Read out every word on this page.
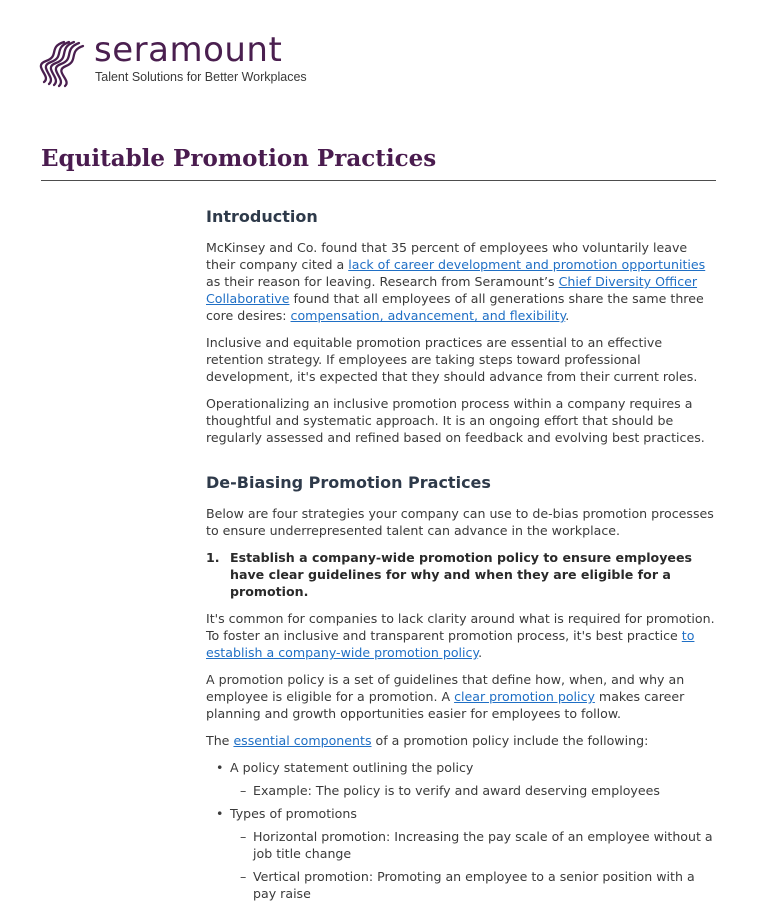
seramount
Talent Solutions for Better Workplaces
Equitable Promotion Practices
Introduction

McKinsey and Co. found that 35 percent of employees who voluntarily leave their company cited a lack of career development and promotion opportunities as their reason for leaving. Research from Seramount’s Chief Diversity Officer Collaborative found that all employees of all generations share the same three core desires: compensation, advancement, and flexibility.

Inclusive and equitable promotion practices are essential to an effective retention strategy. If employees are taking steps toward professional development, it's expected that they should advance from their current roles.

Operationalizing an inclusive promotion process within a company requires a thoughtful and systematic approach. It is an ongoing effort that should be regularly assessed and refined based on feedback and evolving best practices.

De-Biasing Promotion Practices

Below are four strategies your company can use to de-bias promotion processes to ensure underrepresented talent can advance in the workplace.

1. Establish a company-wide promotion policy to ensure employees have clear guidelines for why and when they are eligible for a promotion.

It's common for companies to lack clarity around what is required for promotion. To foster an inclusive and transparent promotion process, it's best practice to establish a company-wide promotion policy.

A promotion policy is a set of guidelines that define how, when, and why an employee is eligible for a promotion. A clear promotion policy makes career planning and growth opportunities easier for employees to follow.

The essential components of a promotion policy include the following:

• A policy statement outlining the policy
– Example: The policy is to verify and award deserving employees
• Types of promotions
– Horizontal promotion: Increasing the pay scale of an employee without a job title change
– Vertical promotion: Promoting an employee to a senior position with a pay raise
